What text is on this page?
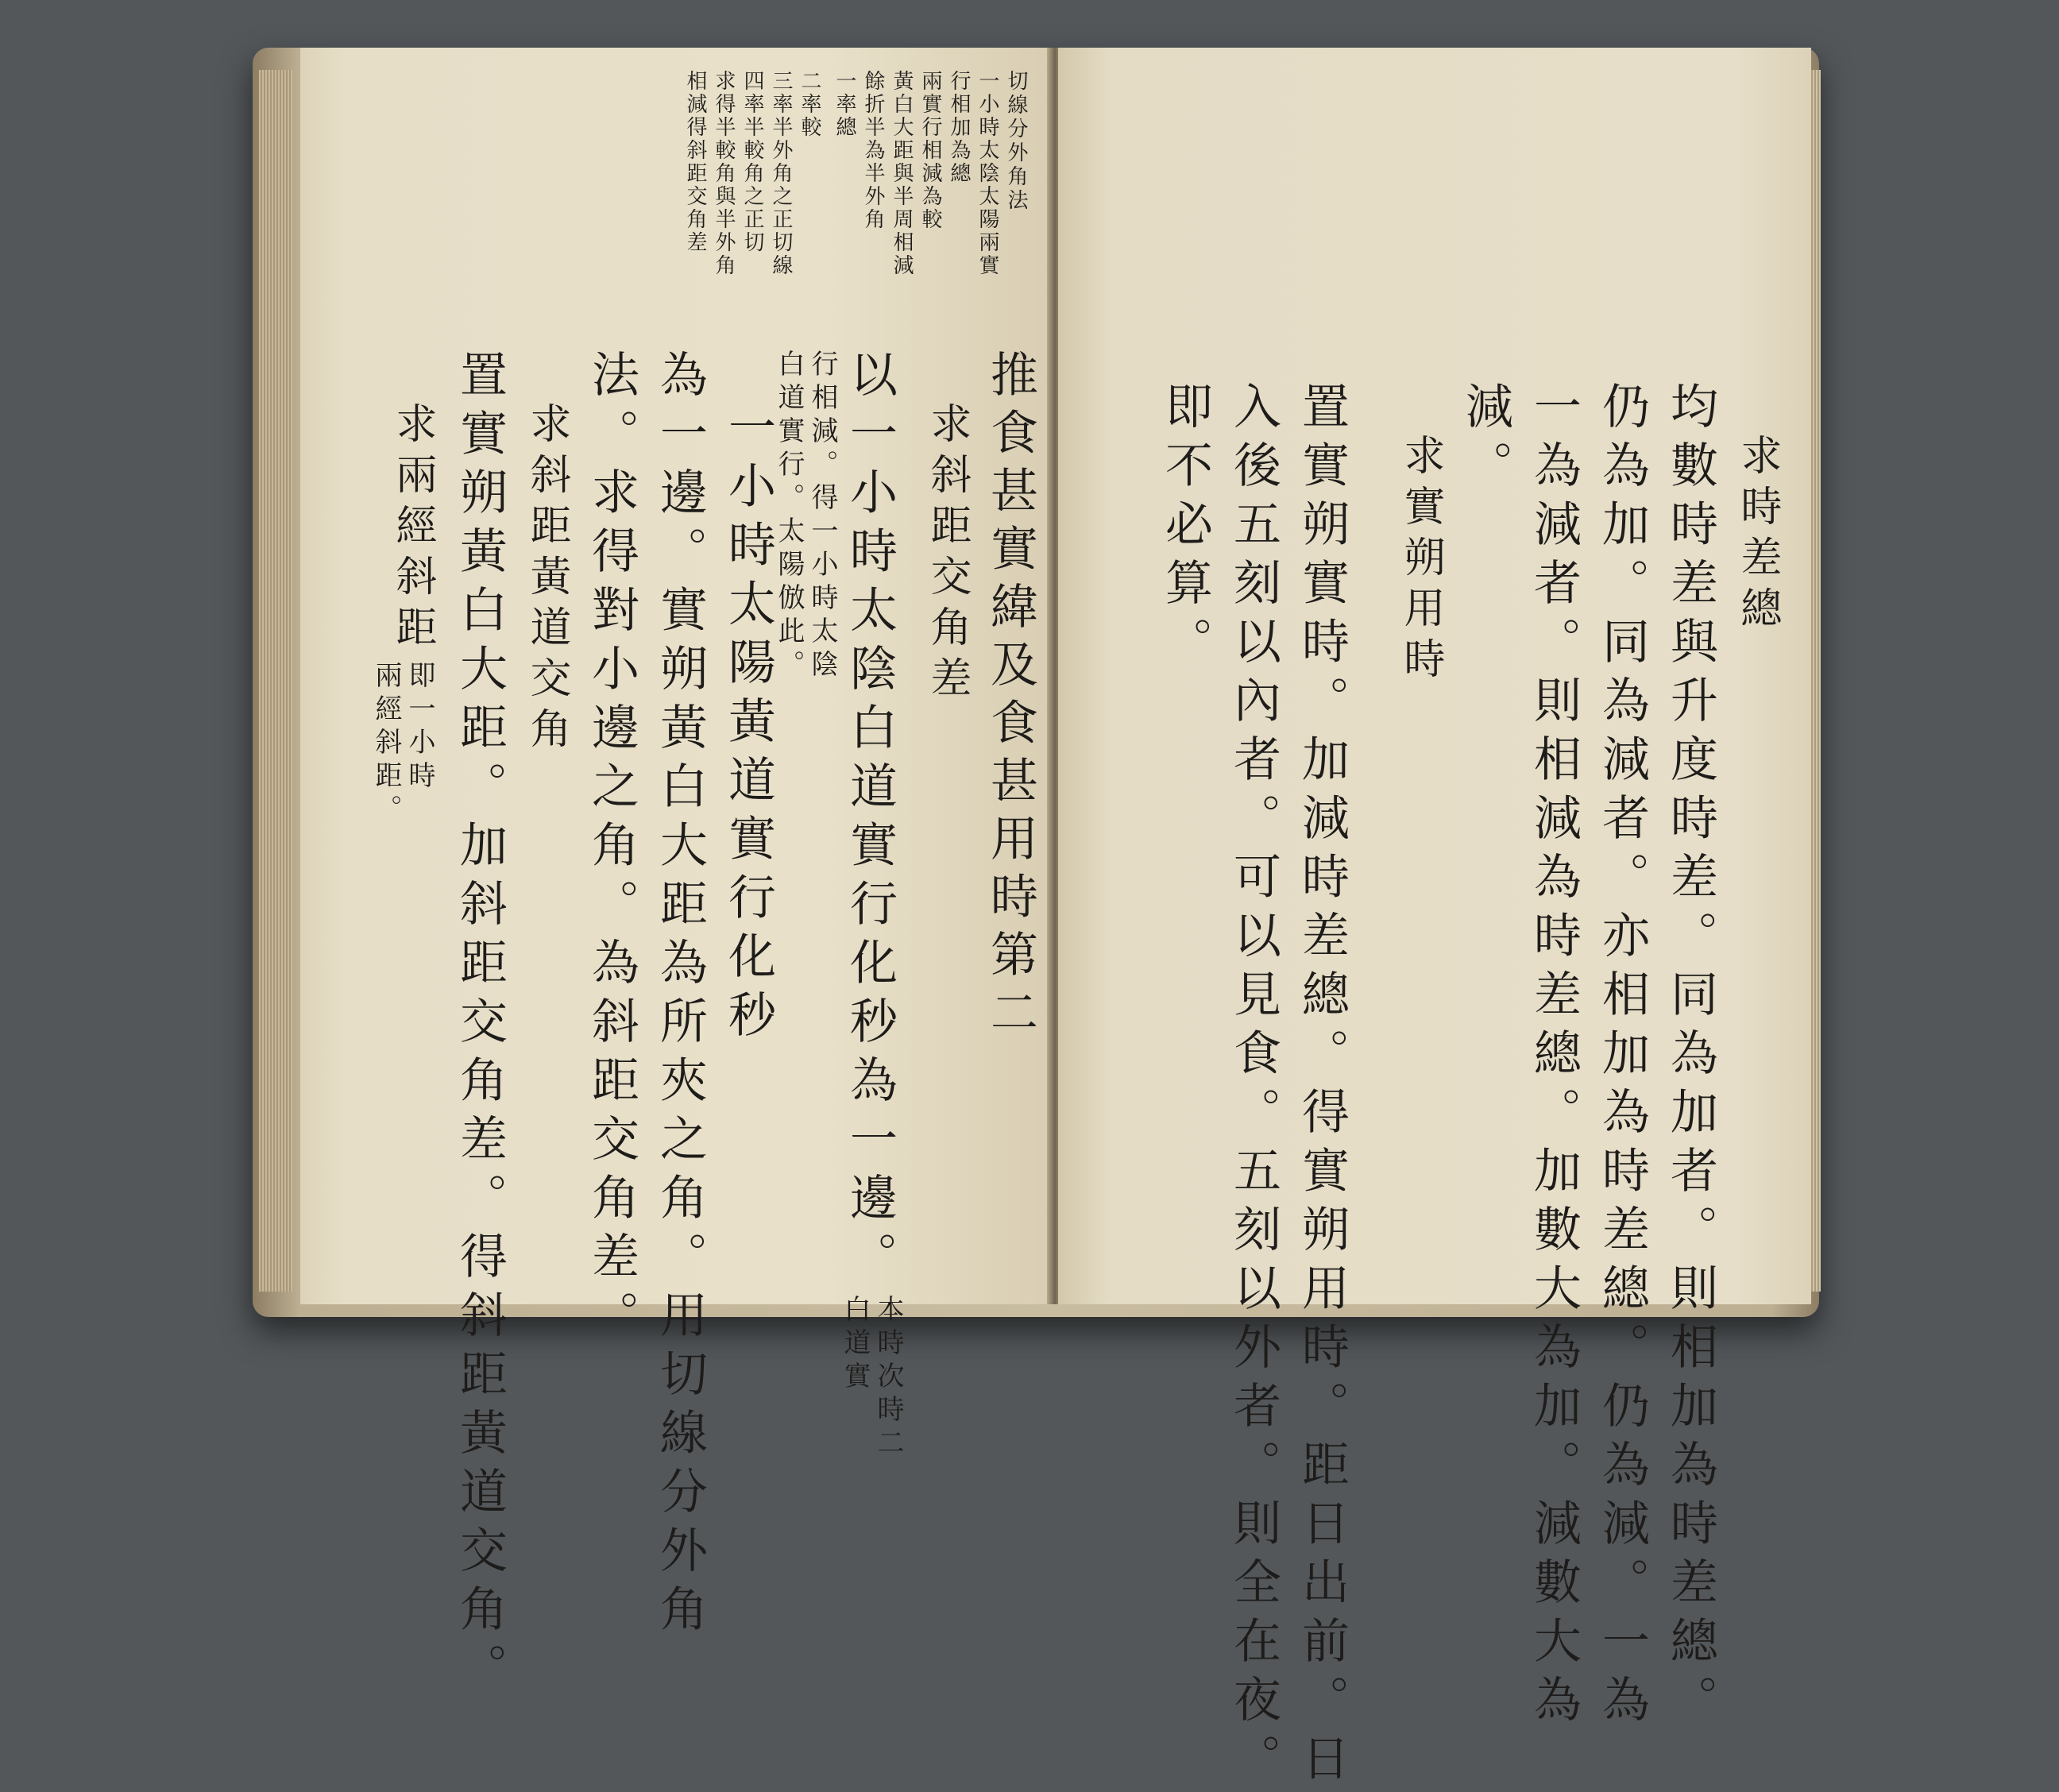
切線分外角法
一小時太陰太陽兩實
行相加為總
兩實行相減為較
黃白大距與半周相減
餘折半為半外角
一率總
二率較
三率半外角之正切線
四率半較角之正切
求得半較角與半外角
相減得斜距交角差
推食甚實緯及食甚用時第二
求斜距交角差
以一小時太陰白道實行化秒為一邊。
本時次時二
白道實
行相減。得一小時太陰
白道實行。太陽倣此。
一小時太陽黃道實行化秒
為一邊。實朔黃白大距為所夾之角。用切線分外角
法。求得對小邊之角。為斜距交角差。
求斜距黃道交角
置實朔黃白大距。加斜距交角差。得斜距黃道交角。
求兩經斜距
即一小時
兩經斜距。
求時差總
均數時差與升度時差。同為加者。則相加為時差總。
仍為加。同為減者。亦相加為時差總。仍為減。一為
一為減者。則相減為時差總。加數大為加。減數大為
減。
求實朔用時
置實朔實時。加減時差總。得實朔用時。距日出前。日
入後五刻以內者。可以見食。五刻以外者。則全在夜。
即不必算。
